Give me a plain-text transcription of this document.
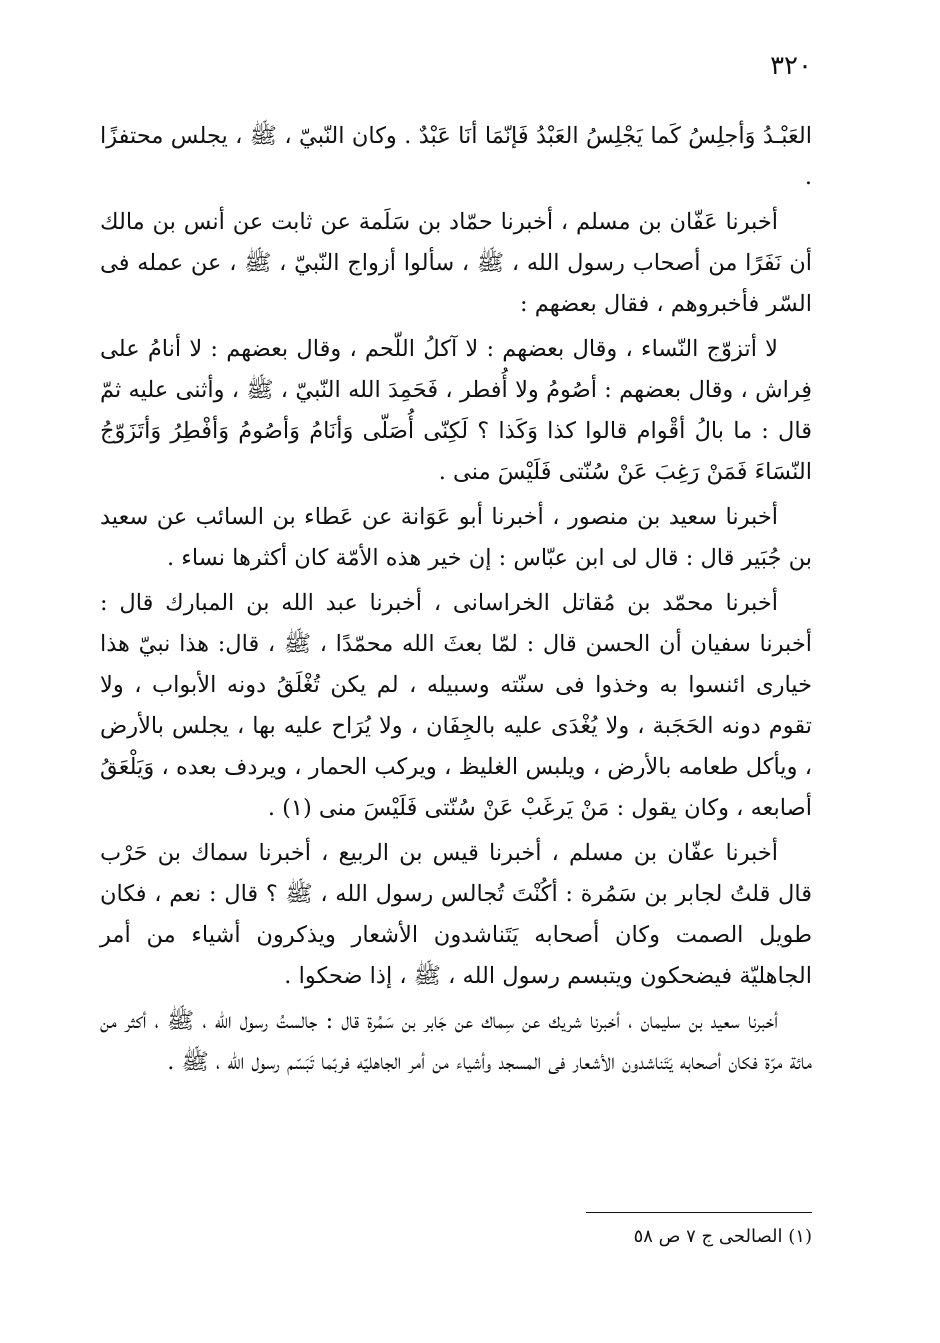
٣٢٠

العَبْـدُ وَأجلِسُ كَما يَجْلِسُ العَبْدُ فَإنّمَا أنَا عَبْدٌ . وكان النّبيّ ، ﷺ ، يجلس محتفزًا .

أخبرنا عَفّان بن مسلم ، أخبرنا حمّاد بن سَلَمة عن ثابت عن أنس بن مالك أن نَفَرًا من أصحاب رسول الله ، ﷺ ، سألوا أزواج النّبيّ ، ﷺ ، عن عمله فى السّر فأخبروهم ، فقال بعضهم :

لا أتزوّج النّساء ، وقال بعضهم : لا آكلُ اللّحم ، وقال بعضهم : لا أنامُ على فِراش ، وقال بعضهم : أصُومُ ولا أُفطر ، فَحَمِدَ الله النّبيّ ، ﷺ ، وأثنى عليه ثمّ قال : ما بالُ أقْوام قالوا كذا وَكَذا ؟ لَكِنّى أُصَلّى وَأنَامُ وَأصُومُ وَأفْطِرُ وَأتَزَوّجُ النّسَاءَ فَمَنْ رَغِبَ عَنْ سُنّتى فَلَيْسَ منى .

أخبرنا سعيد بن منصور ، أخبرنا أبو عَوَانة عن عَطاء بن السائب عن سعيد بن جُبَير قال : قال لى ابن عبّاس : إن خير هذه الأمّة كان أكثرها نساء .

أخبرنا محمّد بن مُقاتل الخراسانى ، أخبرنا عبد الله بن المبارك قال : أخبرنا سفيان أن الحسن قال : لمّا بعثَ الله محمّدًا ، ﷺ ، قال: هذا نبيّ هذا خيارى ائنسوا به وخذوا فى سنّته وسبيله ، لم يكن تُغْلَقُ دونه الأبواب ، ولا تقوم دونه الحَجَبة ، ولا يُغْدَى عليه بالجِفَان ، ولا يُرَاح عليه بها ، يجلس بالأرض ، ويأكل طعامه بالأرض ، ويلبس الغليظ ، ويركب الحمار ، ويردف بعده ، وَيَلْعَقُ أصابعه ، وكان يقول : مَنْ يَرغَبْ عَنْ سُنّتى فَلَيْسَ منى (١) .

أخبرنا عفّان بن مسلم ، أخبرنا قيس بن الربيع ، أخبرنا سماك بن حَرْب قال قلتُ لجابر بن سَمُرة : أكُنْتَ تُجالس رسول الله ، ﷺ ؟ قال : نعم ، فكان طويل الصمت وكان أصحابه يَتَناشدون الأشعار ويذكرون أشياء من أمر الجاهليّة فيضحكون ويتبسم رسول الله ، ﷺ ، إذا ضحكوا .

أخبرنا سعيد بن سليمان ، أخبرنا شريك عن سِماك عن جَابر بن سَمُرة قال : جالستُ رسول الله ، ﷺ ، أكثر من مائة مرّة فكان أصحابه يَتَناشدون الأشعار فى المسجد وأشياء من أمر الجاهليّه فربّما تَبَسّم رسول الله ، ﷺ .

(١) الصالحى ج ٧ ص ٥٨
